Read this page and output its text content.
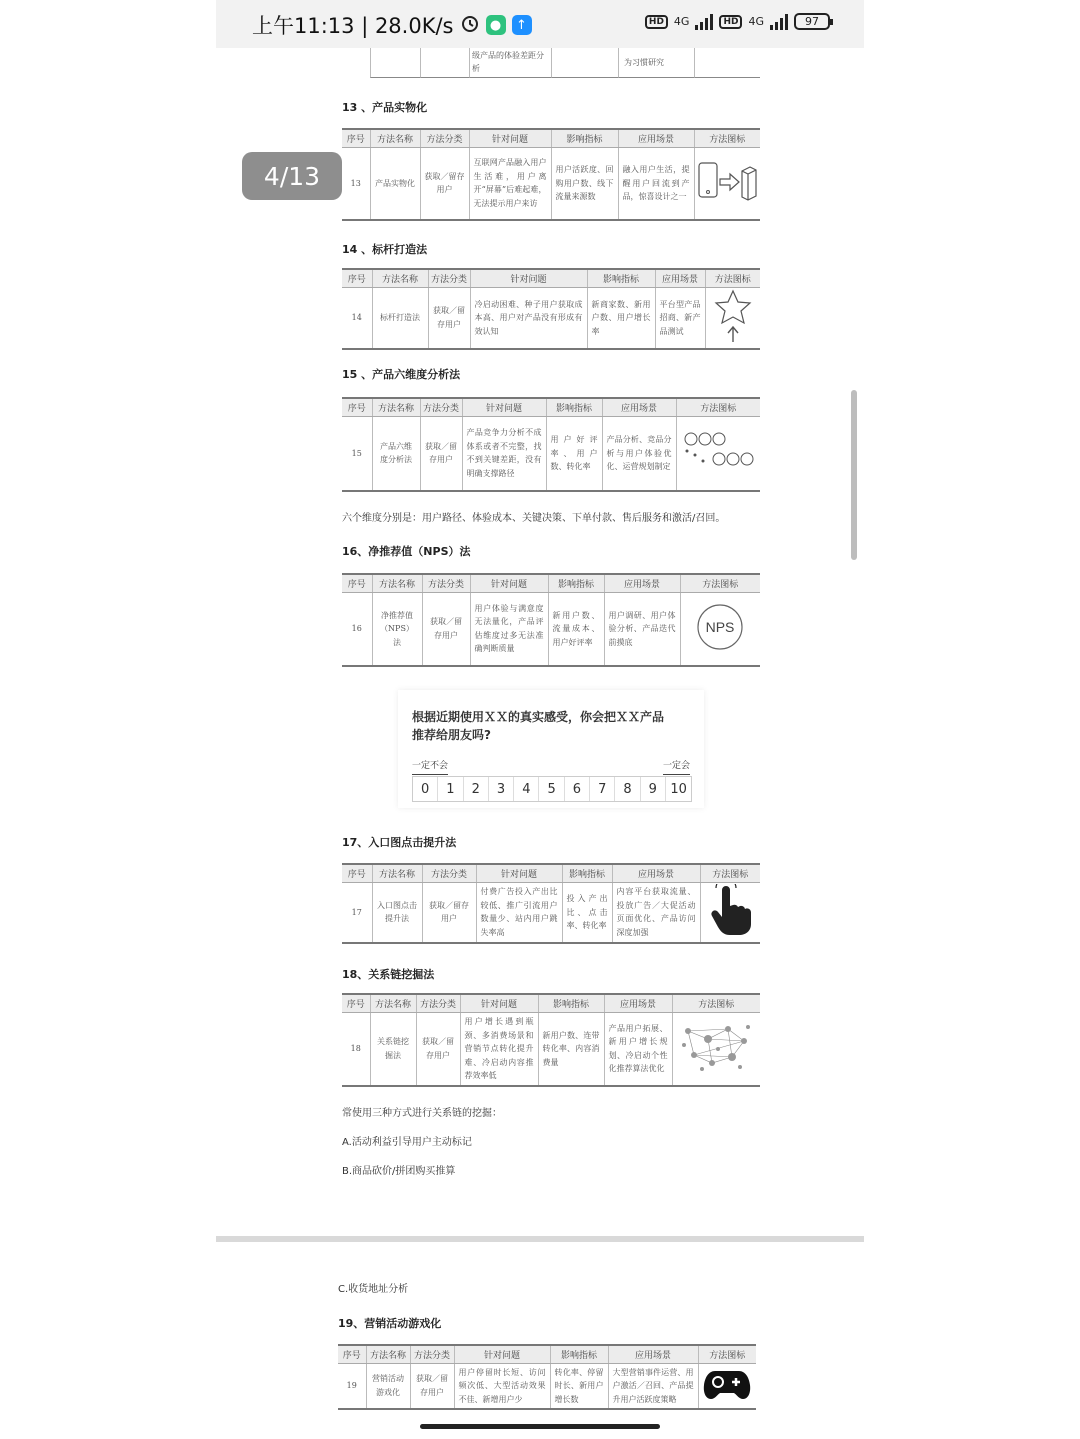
上午11:13 | 28.0K/s	●	↑	HD 4G	HD 4G	97
级产品的体验差距分析
为习惯研究
4/13
13 、产品实物化
序号	方法名称	方法分类	针对问题	影响指标	应用场景	方法图标
13	产品实物化	获取／留存用户	互联网产品融入用户生活难，用户离开“屏幕”后难起难，无法提示用户来访	用户活跃度、回购用户数、线下流量来源数	融入用户生活，提醒用户回流到产品，惊喜设计之一	
14 、标杆打造法
序号	方法名称	方法分类	针对问题	影响指标	应用场景	方法图标
14	标杆打造法	获取／留存用户	冷启动困难、种子用户获取成本高、用户对产品没有形成有效认知	新商家数、新用户数、用户增长率	平台型产品招商、新产品测试	
15 、产品六维度分析法
序号	方法名称	方法分类	针对问题	影响指标	应用场景	方法图标
15	产品六维度分析法	获取／留存用户	产品竞争力分析不成体系或者不完整，找不到关键差距，没有明确支撑路径	用户好评率、用户数、转化率	产品分析、竞品分析与用户体验优化、运营规划制定	
六个维度分别是：用户路径、体验成本、关键决策、下单付款、售后服务和激活/召回。
16、净推荐值（NPS）法
序号	方法名称	方法分类	针对问题	影响指标	应用场景	方法图标
16	净推荐值（NPS）法	获取／留存用户	用户体验与满意度无法量化，产品评估维度过多无法准确判断质量	新用户数、流量成本、用户好评率	用户调研、用户体验分析、产品迭代前摸底	NPS
根据近期使用ＸＸ的真实感受，你会把ＸＸ产品推荐给朋友吗?
一定不会	一定会
0	1	2	3	4	5	6	7	8	9	10
17、入口图点击提升法
序号	方法名称	方法分类	针对问题	影响指标	应用场景	方法图标
17	入口图点击提升法	获取／留存用户	付费广告投入产出比较低、推广引流用户数量少、站内用户跳失率高	投入产出比、点击率、转化率	内容平台获取流量、投放广告／大促活动页面优化、产品访问深度加强	
18、关系链挖掘法
序号	方法名称	方法分类	针对问题	影响指标	应用场景	方法图标
18	关系链挖掘法	获取／留存用户	用户增长遇到瓶颈、多消费场景和营销节点转化提升难、冷启动内容推荐效率低	新用户数、连带转化率、内容消费量	产品用户拓展、新用户增长规划、冷启动个性化推荐算法优化	
常使用三种方式进行关系链的挖掘：
A.活动利益引导用户主动标记
B.商品砍价/拼团购买推算
C.收货地址分析
19、营销活动游戏化
序号	方法名称	方法分类	针对问题	影响指标	应用场景	方法图标
19	营销活动游戏化	获取／留存用户	用户停留时长短、访问频次低、大型活动效果不佳、新增用户少	转化率、停留时长、新用户增长数	大型营销事件运营、用户激活／召回、产品提升用户活跃度策略	
